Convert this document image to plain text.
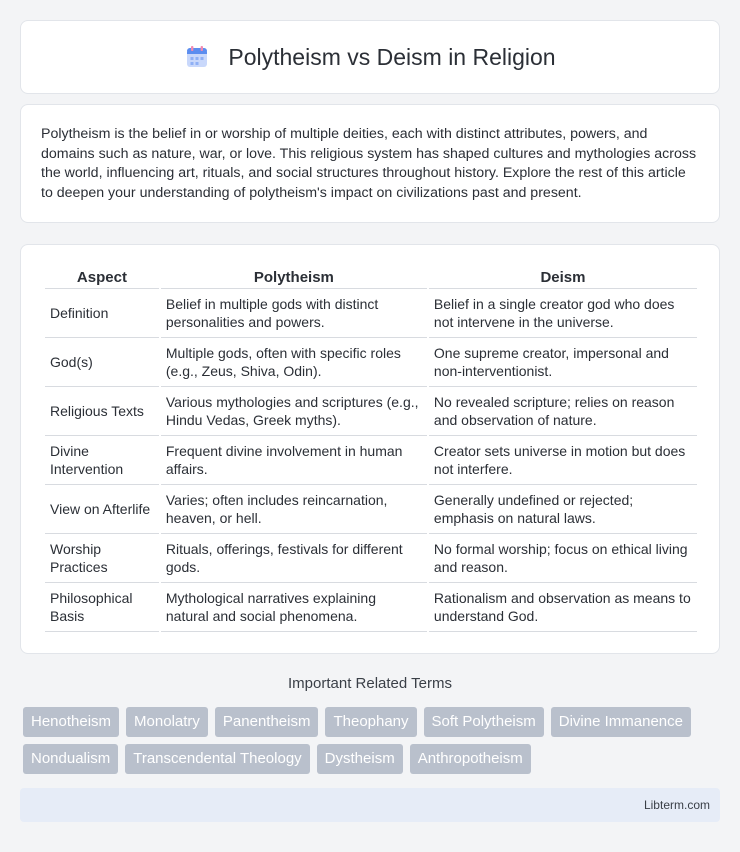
Polytheism vs Deism in Religion

Polytheism is the belief in or worship of multiple deities, each with distinct attributes, powers, and domains such as nature, war, or love. This religious system has shaped cultures and mythologies across the world, influencing art, rituals, and social structures throughout history. Explore the rest of this article to deepen your understanding of polytheism's impact on civilizations past and present.

Aspect	Polytheism	Deism
Definition	Belief in multiple gods with distinct personalities and powers.	Belief in a single creator god who does not intervene in the universe.
God(s)	Multiple gods, often with specific roles (e.g., Zeus, Shiva, Odin).	One supreme creator, impersonal and non-interventionist.
Religious Texts	Various mythologies and scriptures (e.g., Hindu Vedas, Greek myths).	No revealed scripture; relies on reason and observation of nature.
Divine Intervention	Frequent divine involvement in human affairs.	Creator sets universe in motion but does not interfere.
View on Afterlife	Varies; often includes reincarnation, heaven, or hell.	Generally undefined or rejected; emphasis on natural laws.
Worship Practices	Rituals, offerings, festivals for different gods.	No formal worship; focus on ethical living and reason.
Philosophical Basis	Mythological narratives explaining natural and social phenomena.	Rationalism and observation as means to understand God.
Important Related Terms
Henotheism	Monolatry	Panentheism	Theophany	Soft Polytheism	Divine Immanence
Nondualism	Transcendental Theology	Dystheism	Anthropotheism
Libterm.com
